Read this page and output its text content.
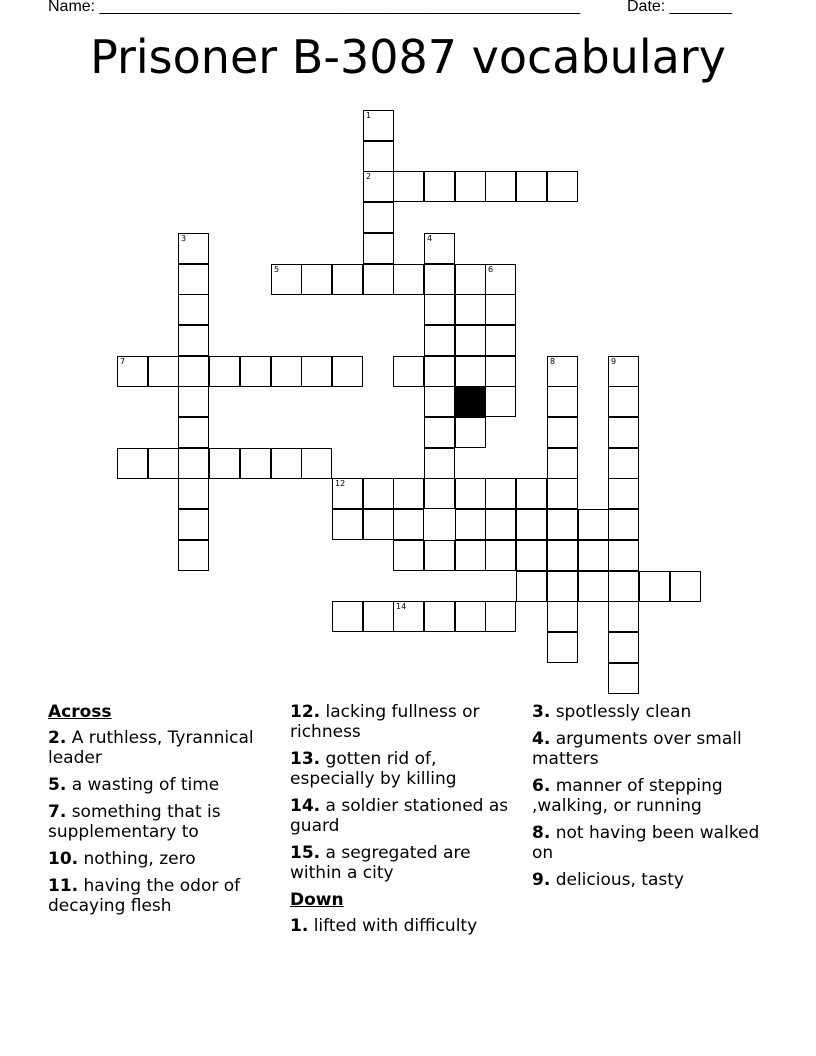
Name: ______________________________________________________	Date: _______
Prisoner B-3087 vocabulary
1
2
3	4
5	6
7	8	9
12
14
Across
2. A ruthless, Tyrannical leader
5. a wasting of time
7. something that is supplementary to
10. nothing, zero
11. having the odor of decaying flesh
12. lacking fullness or richness
13. gotten rid of, especially by killing
14. a soldier stationed as guard
15. a segregated are within a city
Down
1. lifted with difficulty
3. spotlessly clean
4. arguments over small matters
6. manner of stepping ,walking, or running
8. not having been walked on
9. delicious, tasty
